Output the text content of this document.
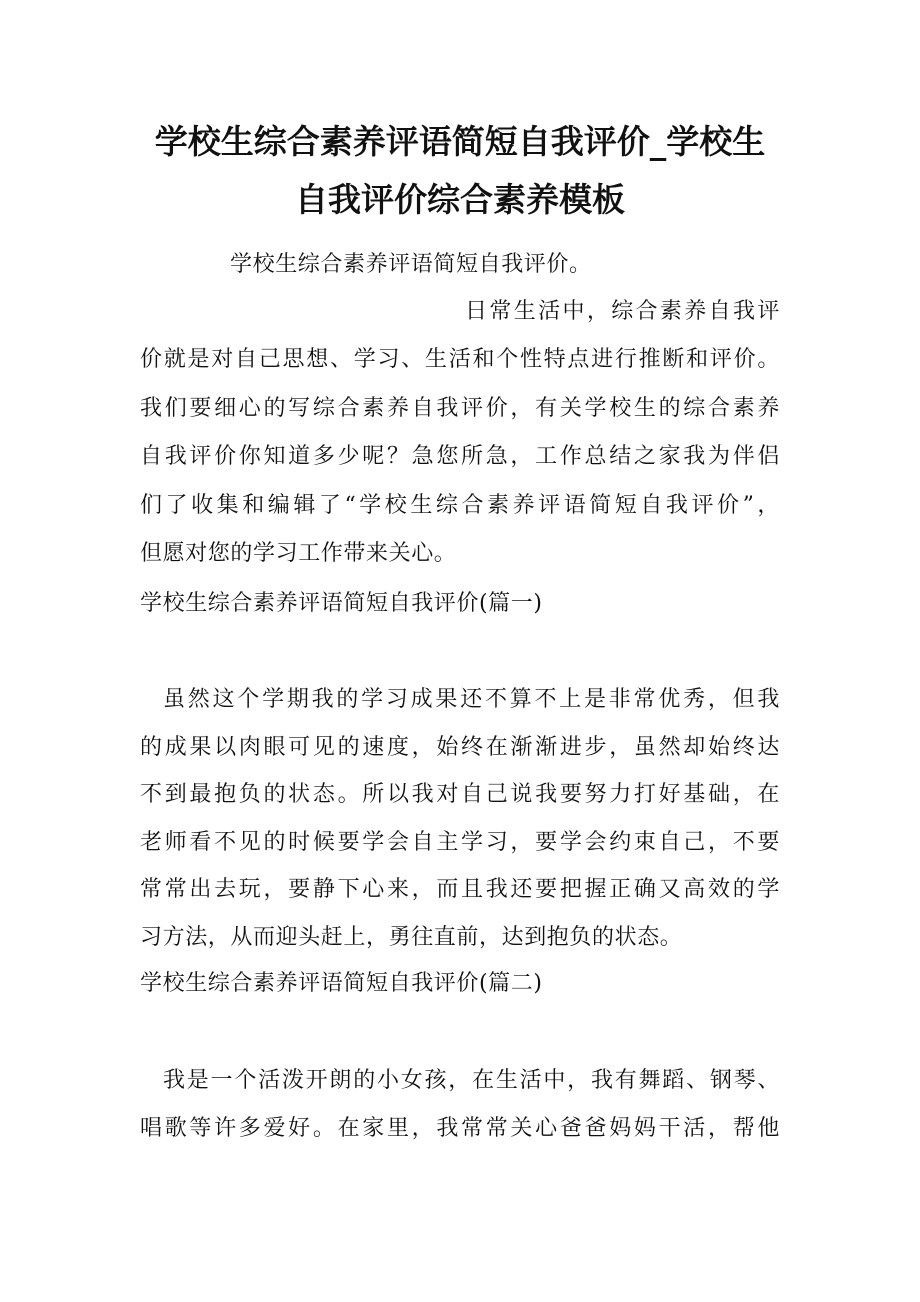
学校生综合素养评语简短自我评价_学校生
自我评价综合素养模板
学校生综合素养评语简短自我评价。
日常生活中，综合素养自我评
价就是对自己思想、学习、生活和个性特点进行推断和评价。
我们要细心的写综合素养自我评价，有关学校生的综合素养
自我评价你知道多少呢？急您所急，工作总结之家我为伴侣
们了收集和编辑了“学校生综合素养评语简短自我评价”，
但愿对您的学习工作带来关心。
学校生综合素养评语简短自我评价(篇一)
虽然这个学期我的学习成果还不算不上是非常优秀，但我
的成果以肉眼可见的速度，始终在渐渐进步，虽然却始终达
不到最抱负的状态。所以我对自己说我要努力打好基础，在
老师看不见的时候要学会自主学习，要学会约束自己，不要
常常出去玩，要静下心来，而且我还要把握正确又高效的学
习方法，从而迎头赶上，勇往直前，达到抱负的状态。
学校生综合素养评语简短自我评价(篇二)
我是一个活泼开朗的小女孩，在生活中，我有舞蹈、钢琴、
唱歌等许多爱好。在家里，我常常关心爸爸妈妈干活，帮他
